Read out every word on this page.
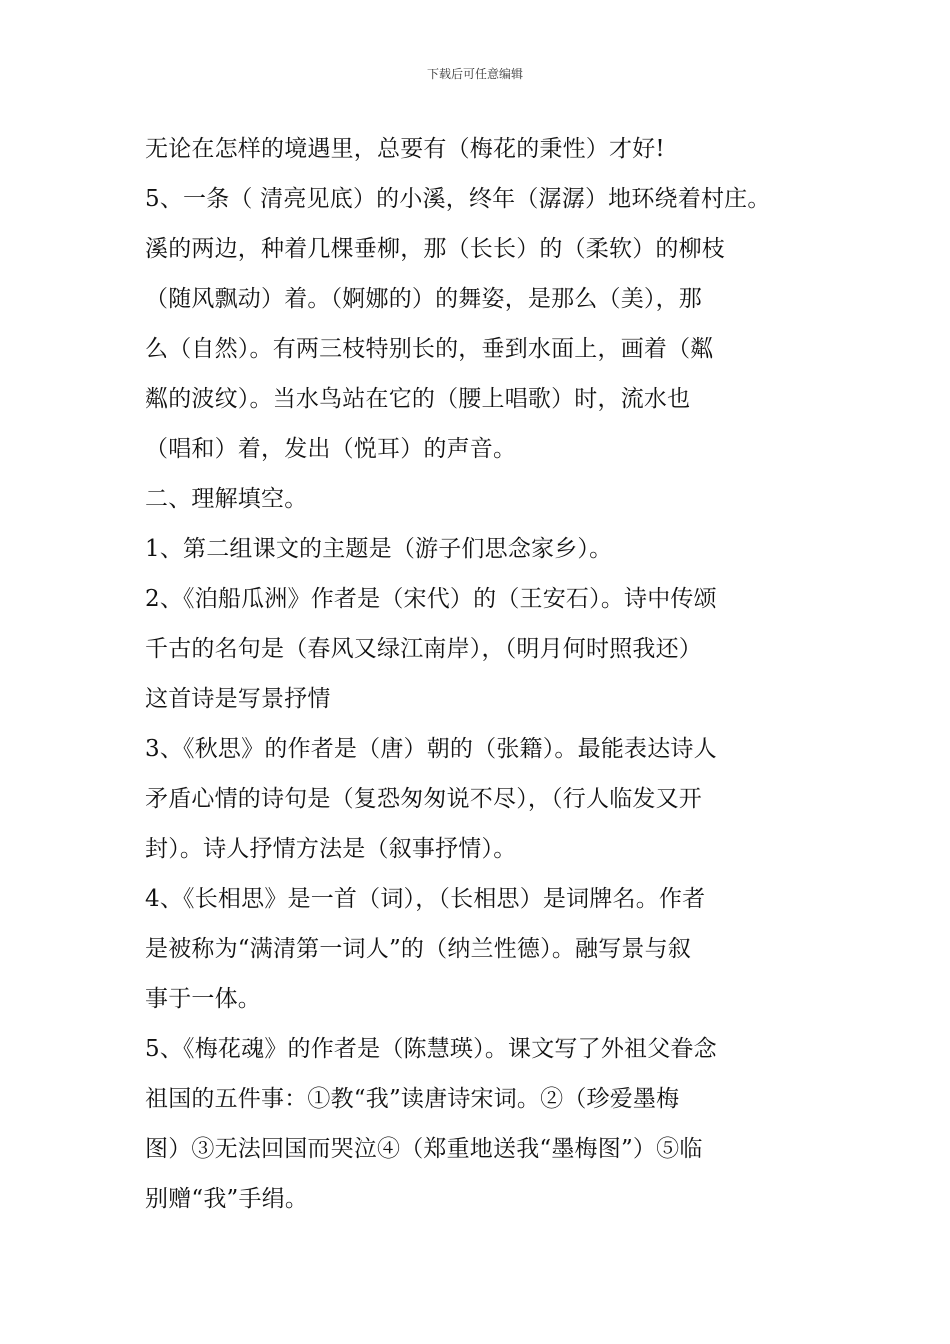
下载后可任意编辑
无论在怎样的境遇里，总要有（梅花的秉性）才好!
5、一条（ 清亮见底）的小溪，终年（潺潺）地环绕着村庄。
溪的两边，种着几棵垂柳，那（长长）的（柔软）的柳枝
（随风飘动）着。（婀娜的）的舞姿，是那么（美），那
么（自然）。有两三枝特别长的，垂到水面上，画着（粼
粼的波纹）。当水鸟站在它的（腰上唱歌）时，流水也
（唱和）着，发出（悦耳）的声音。
二、理解填空。
1、第二组课文的主题是（游子们思念家乡）。
2、《泊船瓜洲》作者是（宋代）的（王安石）。诗中传颂
千古的名句是（春风又绿江南岸），（明月何时照我还）
这首诗是写景抒情
3、《秋思》的作者是（唐）朝的（张籍）。最能表达诗人
矛盾心情的诗句是（复恐匆匆说不尽），（行人临发又开
封）。诗人抒情方法是（叙事抒情）。
4、《长相思》是一首（词），（长相思）是词牌名。作者
是被称为“满清第一词人”的（纳兰性德）。融写景与叙
事于一体。
5、《梅花魂》的作者是（陈慧瑛）。课文写了外祖父眷念
祖国的五件事：①教“我”读唐诗宋词。②（珍爱墨梅
图）③无法回国而哭泣④（郑重地送我“墨梅图”）⑤临
别赠“我”手绢。
